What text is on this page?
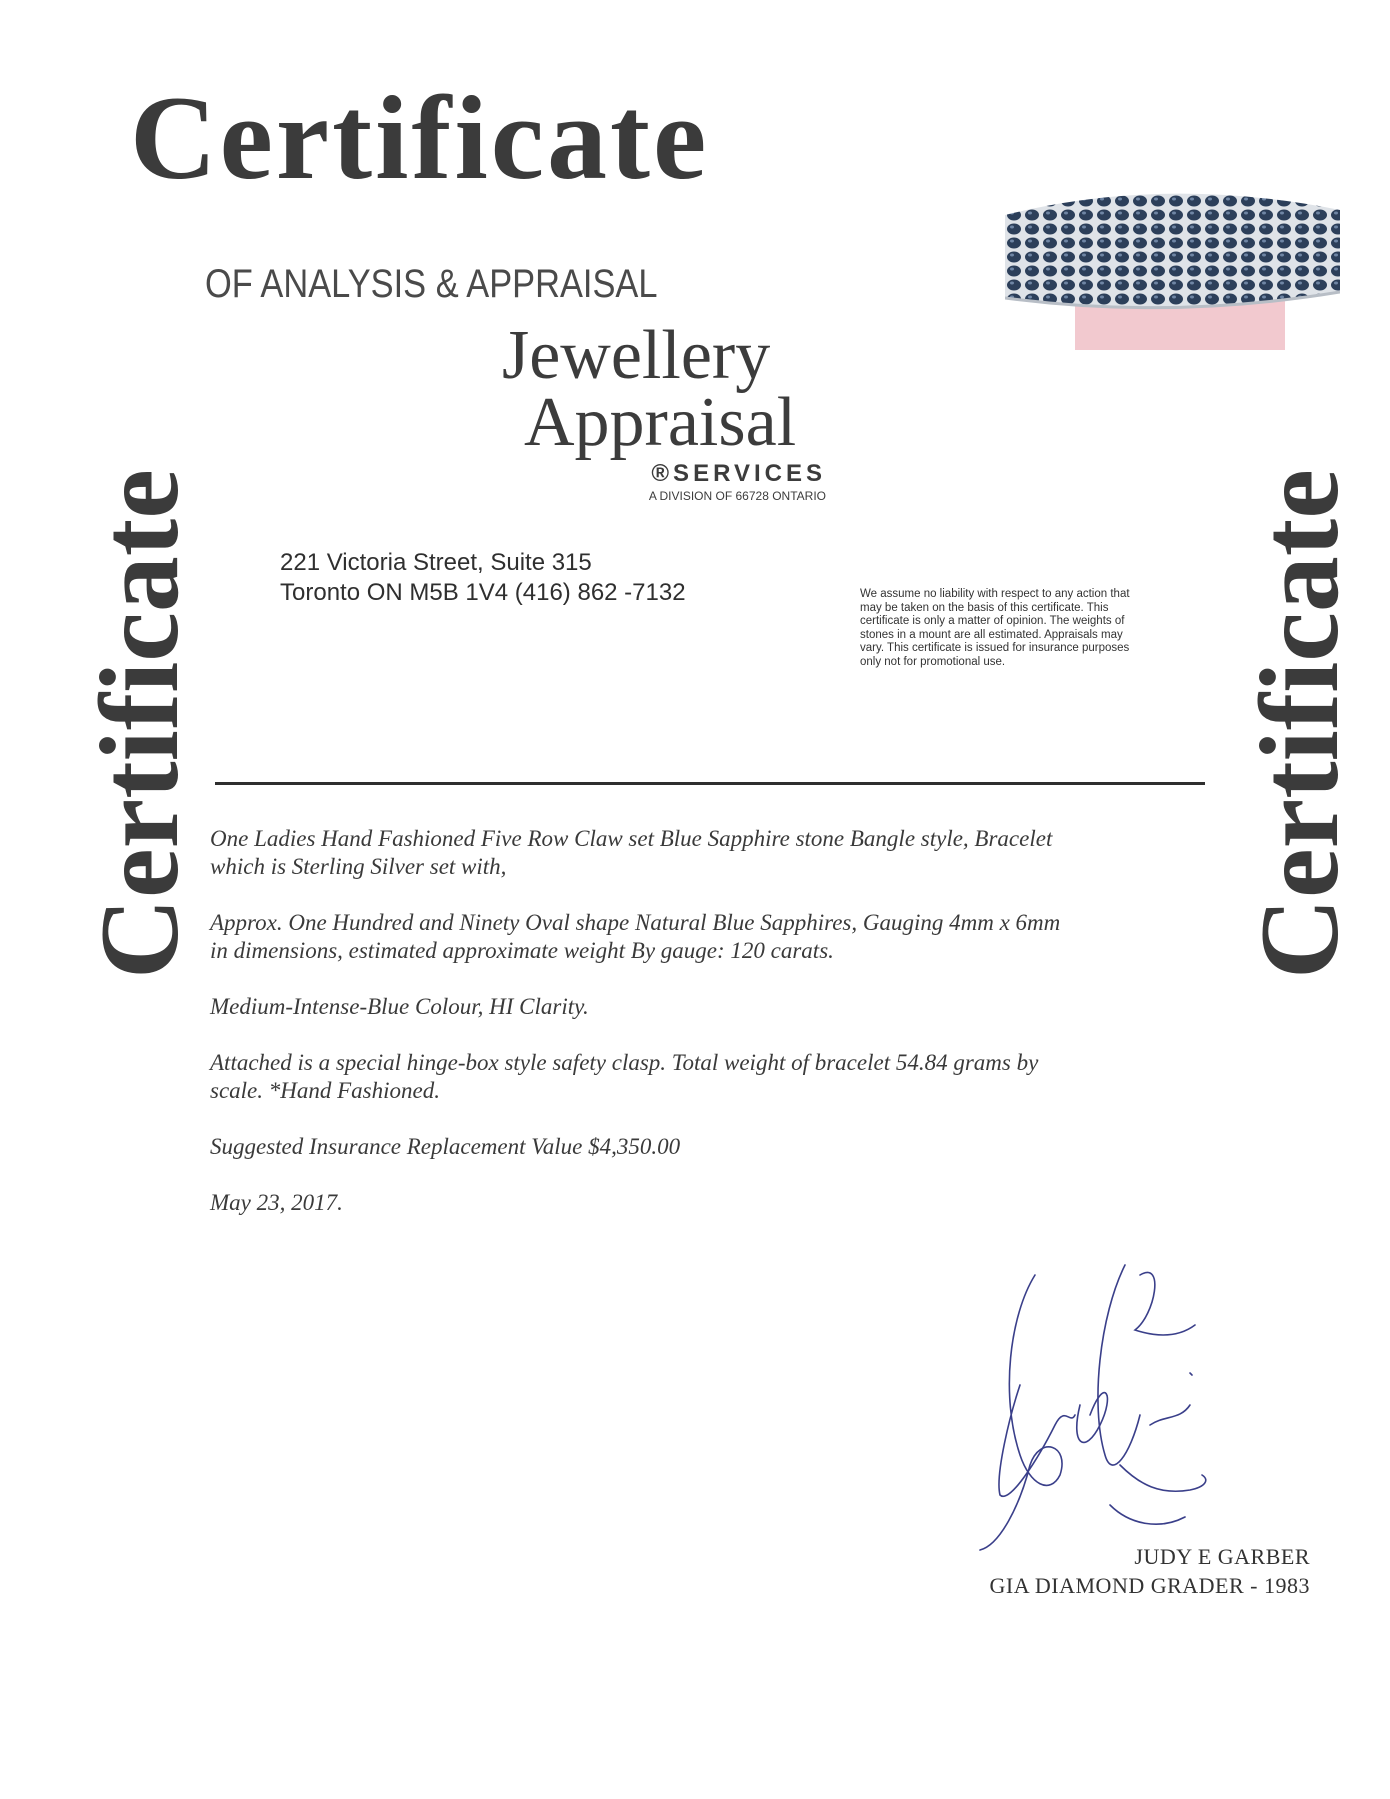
Certificate
OF ANALYSIS & APPRAISAL
Certificate	Certificate
Jewellery
Appraisal
®SERVICES
A DIVISION OF 66728 ONTARIO
221 Victoria Street, Suite 315
Toronto ON M5B 1V4 (416) 862 -7132	We assume no liability with respect to any action that may be taken on the basis of this certificate. This certificate is only a matter of opinion. The weights of stones in a mount are all estimated. Appraisals may vary. This certificate is issued for insurance purposes only not for promotional use.

One Ladies Hand Fashioned Five Row Claw set Blue Sapphire stone Bangle style, Bracelet which is Sterling Silver set with,

Approx. One Hundred and Ninety Oval shape Natural Blue Sapphires, Gauging 4mm x 6mm in dimensions, estimated approximate weight By gauge: 120 carats.

Medium-Intense-Blue Colour, HI Clarity.

Attached is a special hinge-box style safety clasp. Total weight of bracelet 54.84 grams by scale. *Hand Fashioned.

Suggested Insurance Replacement Value $4,350.00

May 23, 2017.

JUDY E GARBER
GIA DIAMOND GRADER - 1983
